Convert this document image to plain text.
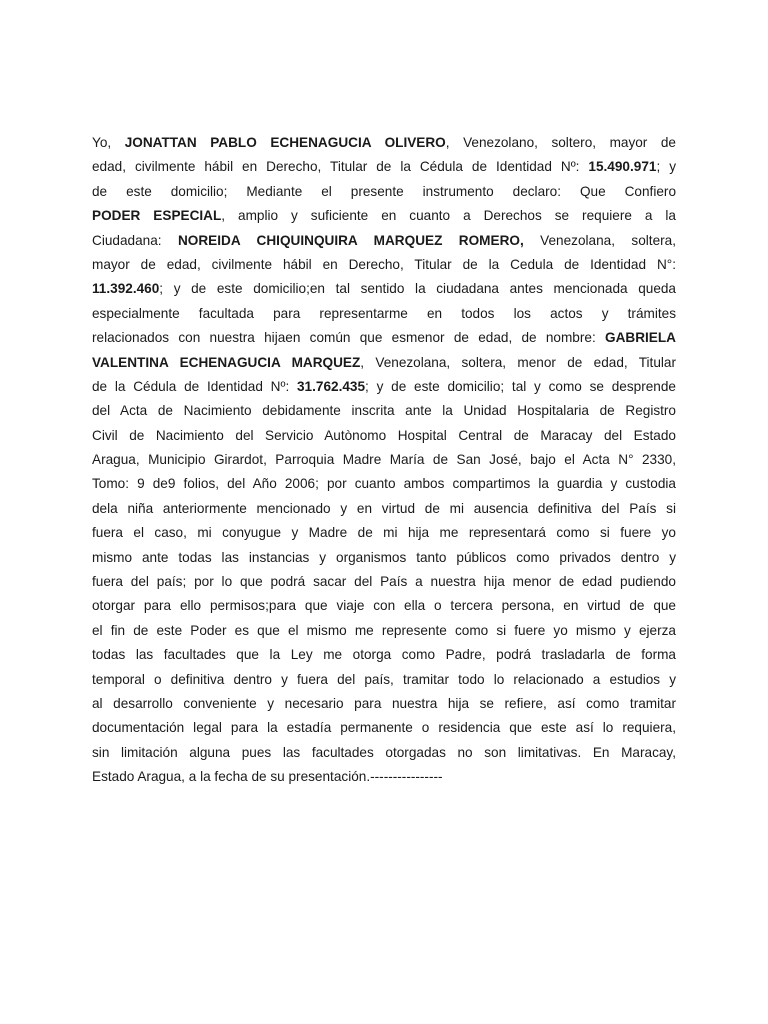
Yo, JONATTAN PABLO ECHENAGUCIA OLIVERO, Venezolano, soltero, mayor de
edad, civilmente hábil en Derecho, Titular de la Cédula de Identidad Nº: 15.490.971; y
de este domicilio; Mediante el presente instrumento declaro: Que Confiero
PODER ESPECIAL, amplio y suficiente en cuanto a Derechos se requiere a la
Ciudadana: NOREIDA CHIQUINQUIRA MARQUEZ ROMERO, Venezolana, soltera,
mayor de edad, civilmente hábil en Derecho, Titular de la Cedula de Identidad N°:
11.392.460; y de este domicilio;en tal sentido la ciudadana antes mencionada queda
especialmente facultada para representarme en todos los actos y trámites
relacionados con nuestra hijaen común que esmenor de edad, de nombre: GABRIELA
VALENTINA ECHENAGUCIA MARQUEZ, Venezolana, soltera, menor de edad, Titular
de la Cédula de Identidad Nº: 31.762.435; y de este domicilio; tal y como se desprende
del Acta de Nacimiento debidamente inscrita ante la Unidad Hospitalaria de Registro
Civil de Nacimiento del Servicio Autònomo Hospital Central de Maracay del Estado
Aragua, Municipio Girardot, Parroquia Madre María de San José, bajo el Acta N° 2330,
Tomo: 9 de9 folios, del Año 2006; por cuanto ambos compartimos la guardia y custodia
dela niña anteriormente mencionado y en virtud de mi ausencia definitiva del País si
fuera el caso, mi conyugue y Madre de mi hija me representará como si fuere yo
mismo ante todas las instancias y organismos tanto públicos como privados dentro y
fuera del país; por lo que podrá sacar del País a nuestra hija menor de edad pudiendo
otorgar para ello permisos;para que viaje con ella o tercera persona, en virtud de que
el fin de este Poder es que el mismo me represente como si fuere yo mismo y ejerza
todas las facultades que la Ley me otorga como Padre, podrá trasladarla de forma
temporal o definitiva dentro y fuera del país, tramitar todo lo relacionado a estudios y
al desarrollo conveniente y necesario para nuestra hija se refiere, así como tramitar
documentación legal para la estadía permanente o residencia que este así lo requiera,
sin limitación alguna pues las facultades otorgadas no son limitativas. En Maracay,
Estado Aragua, a la fecha de su presentación.----------------
